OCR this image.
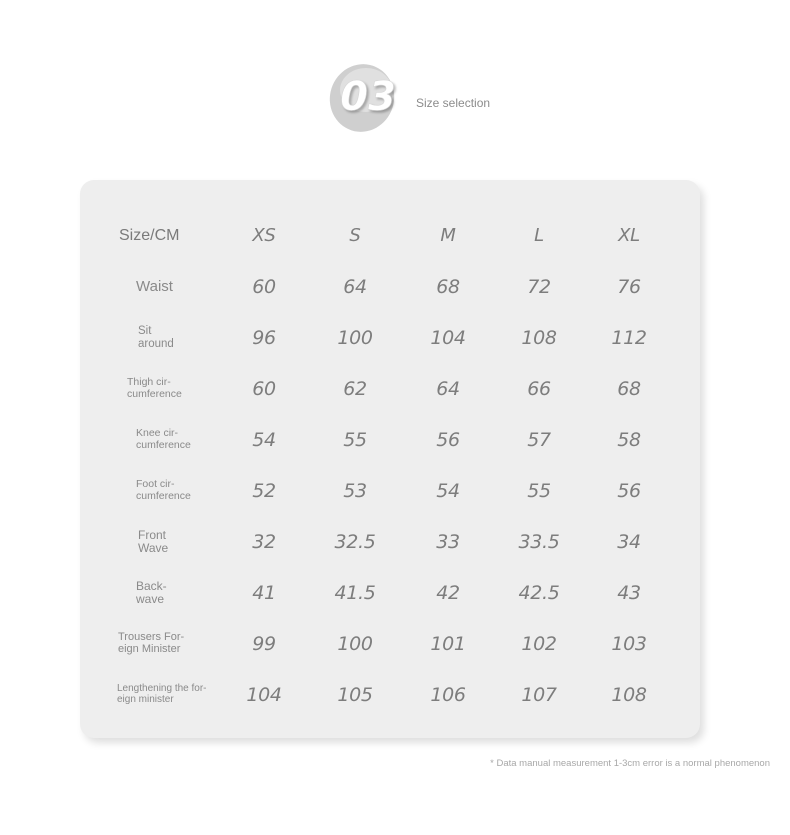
03 Size selection
Size/CM	XS	S	M	L	XL
Waist	60	64	68	72	76
Sit
around	96	100	104	108	112
Thigh cir-
cumference	60	62	64	66	68
Knee cir-
cumference	54	55	56	57	58
Foot cir-
cumference	52	53	54	55	56
Front
Wave	32	32.5	33	33.5	34
Back-
wave	41	41.5	42	42.5	43
Trousers For-
eign Minister	99	100	101	102	103
Lengthening the for-
eign minister	104	105	106	107	108
* Data manual measurement 1-3cm error is a normal phenomenon
